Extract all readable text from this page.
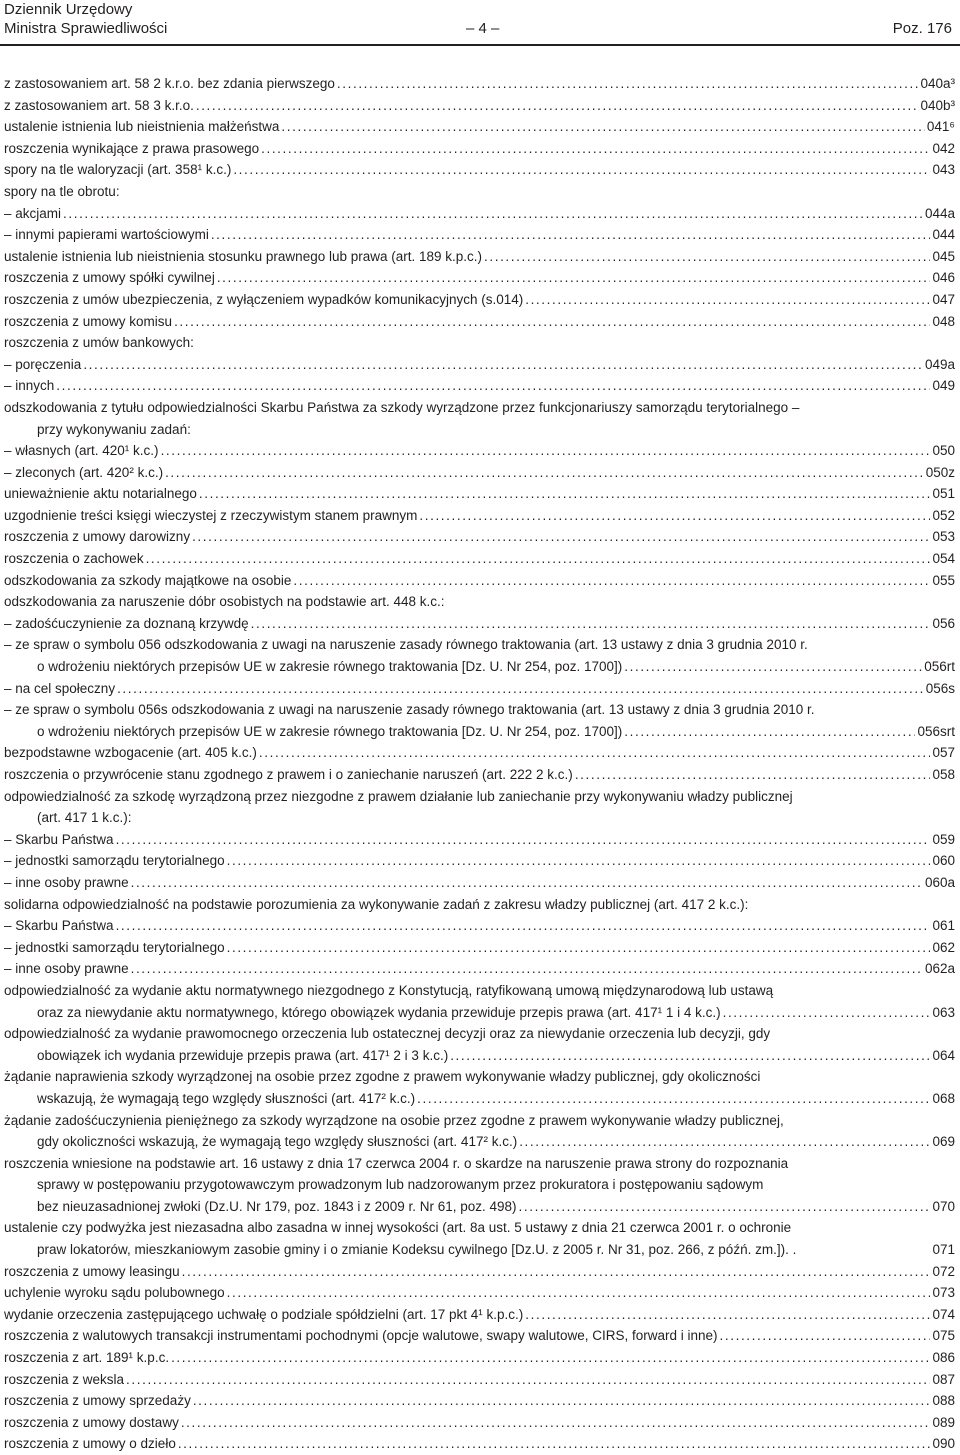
Dziennik Urzędowy
Ministra Sprawiedliwości	– 4 –	Poz. 176
z zastosowaniem art. 58 2 k.r.o. bez zdania pierwszego .....	040a³
z zastosowaniem art. 58 3 k.r.o. .....	040b³
ustalenie istnienia lub nieistnienia małżeństwa .....	041⁶
roszczenia wynikające z prawa prasowego .....	042
spory na tle waloryzacji (art. 358¹ k.c.) .....	043
spory na tle obrotu:
– akcjami .....	044a
– innymi papierami wartościowymi .....	044
ustalenie istnienia lub nieistnienia stosunku prawnego lub prawa (art. 189 k.p.c.) .....	045
roszczenia z umowy spółki cywilnej .....	046
roszczenia z umów ubezpieczenia, z wyłączeniem wypadków komunikacyjnych (s.014) .....	047
roszczenia z umowy komisu .....	048
roszczenia z umów bankowych:
– poręczenia .....	049a
– innych .....	049
odszkodowania z tytułu odpowiedzialności Skarbu Państwa za szkody wyrządzone przez funkcjonariuszy samorządu terytorialnego –
przy wykonywaniu zadań:
– własnych (art. 420¹ k.c.) .....	050
– zleconych (art. 420² k.c.) .....	050z
unieważnienie aktu notarialnego .....	051
uzgodnienie treści księgi wieczystej z rzeczywistym stanem prawnym .....	052
roszczenia z umowy darowizny .....	053
roszczenia o zachowek .....	054
odszkodowania za szkody majątkowe na osobie .....	055
odszkodowania za naruszenie dóbr osobistych na podstawie art. 448 k.c.:
– zadośćuczynienie za doznaną krzywdę .....	056
– ze spraw o symbolu 056 odszkodowania z uwagi na naruszenie zasady równego traktowania (art. 13 ustawy z dnia 3 grudnia 2010 r.
o wdrożeniu niektórych przepisów UE w zakresie równego traktowania [Dz. U. Nr 254, poz. 1700]) .....	056rt
– na cel społeczny .....	056s
– ze spraw o symbolu 056s odszkodowania z uwagi na naruszenie zasady równego traktowania (art. 13 ustawy z dnia 3 grudnia 2010 r.
o wdrożeniu niektórych przepisów UE w zakresie równego traktowania [Dz. U. Nr 254, poz. 1700]) .....	056srt
bezpodstawne wzbogacenie (art. 405 k.c.) .....	057
roszczenia o przywrócenie stanu zgodnego z prawem i o zaniechanie naruszeń (art. 222 2 k.c.) .....	058
odpowiedzialność za szkodę wyrządzoną przez niezgodne z prawem działanie lub zaniechanie przy wykonywaniu władzy publicznej
(art. 417 1 k.c.):
– Skarbu Państwa .....	059
– jednostki samorządu terytorialnego .....	060
– inne osoby prawne .....	060a
solidarna odpowiedzialność na podstawie porozumienia za wykonywanie zadań z zakresu władzy publicznej (art. 417 2 k.c.):
– Skarbu Państwa .....	061
– jednostki samorządu terytorialnego .....	062
– inne osoby prawne .....	062a
odpowiedzialność za wydanie aktu normatywnego niezgodnego z Konstytucją, ratyfikowaną umową międzynarodową lub ustawą
oraz za niewydanie aktu normatywnego, którego obowiązek wydania przewiduje przepis prawa (art. 417¹ 1 i 4 k.c.) .....	063
odpowiedzialność za wydanie prawomocnego orzeczenia lub ostatecznej decyzji oraz za niewydanie orzeczenia lub decyzji, gdy
obowiązek ich wydania przewiduje przepis prawa (art. 417¹ 2 i 3 k.c.) .....	064
żądanie naprawienia szkody wyrządzonej na osobie przez zgodne z prawem wykonywanie władzy publicznej, gdy okoliczności
wskazują, że wymagają tego względy słuszności (art. 417² k.c.) .....	068
żądanie zadośćuczynienia pieniężnego za szkody wyrządzone na osobie przez zgodne z prawem wykonywanie władzy publicznej,
gdy okoliczności wskazują, że wymagają tego względy słuszności (art. 417² k.c.) .....	069
roszczenia wniesione na podstawie art. 16 ustawy z dnia 17 czerwca 2004 r. o skardze na naruszenie prawa strony do rozpoznania
sprawy w postępowaniu przygotowawczym prowadzonym lub nadzorowanym przez prokuratora i postępowaniu sądowym
bez nieuzasadnionej zwłoki (Dz.U. Nr 179, poz. 1843 i z 2009 r. Nr 61, poz. 498) .....	070
ustalenie czy podwyżka jest niezasadna albo zasadna w innej wysokości (art. 8a ust. 5 ustawy z dnia 21 czerwca 2001 r. o ochronie
praw lokatorów, mieszkaniowym zasobie gminy i o zmianie Kodeksu cywilnego [Dz.U. z 2005 r. Nr 31, poz. 266, z późń. zm.]). .	071
roszczenia z umowy leasingu .....	072
uchylenie wyroku sądu polubownego .....	073
wydanie orzeczenia zastępującego uchwałę o podziale spółdzielni (art. 17 pkt 4¹ k.p.c.) .....	074
roszczenia z walutowych transakcji instrumentami pochodnymi (opcje walutowe, swapy walutowe, CIRS, forward i inne) .....	075
roszczenia z art. 189¹ k.p.c. .....	086
roszczenia z weksla .....	087
roszczenia z umowy sprzedaży .....	088
roszczenia z umowy dostawy .....	089
roszczenia z umowy o dzieło .....	090
